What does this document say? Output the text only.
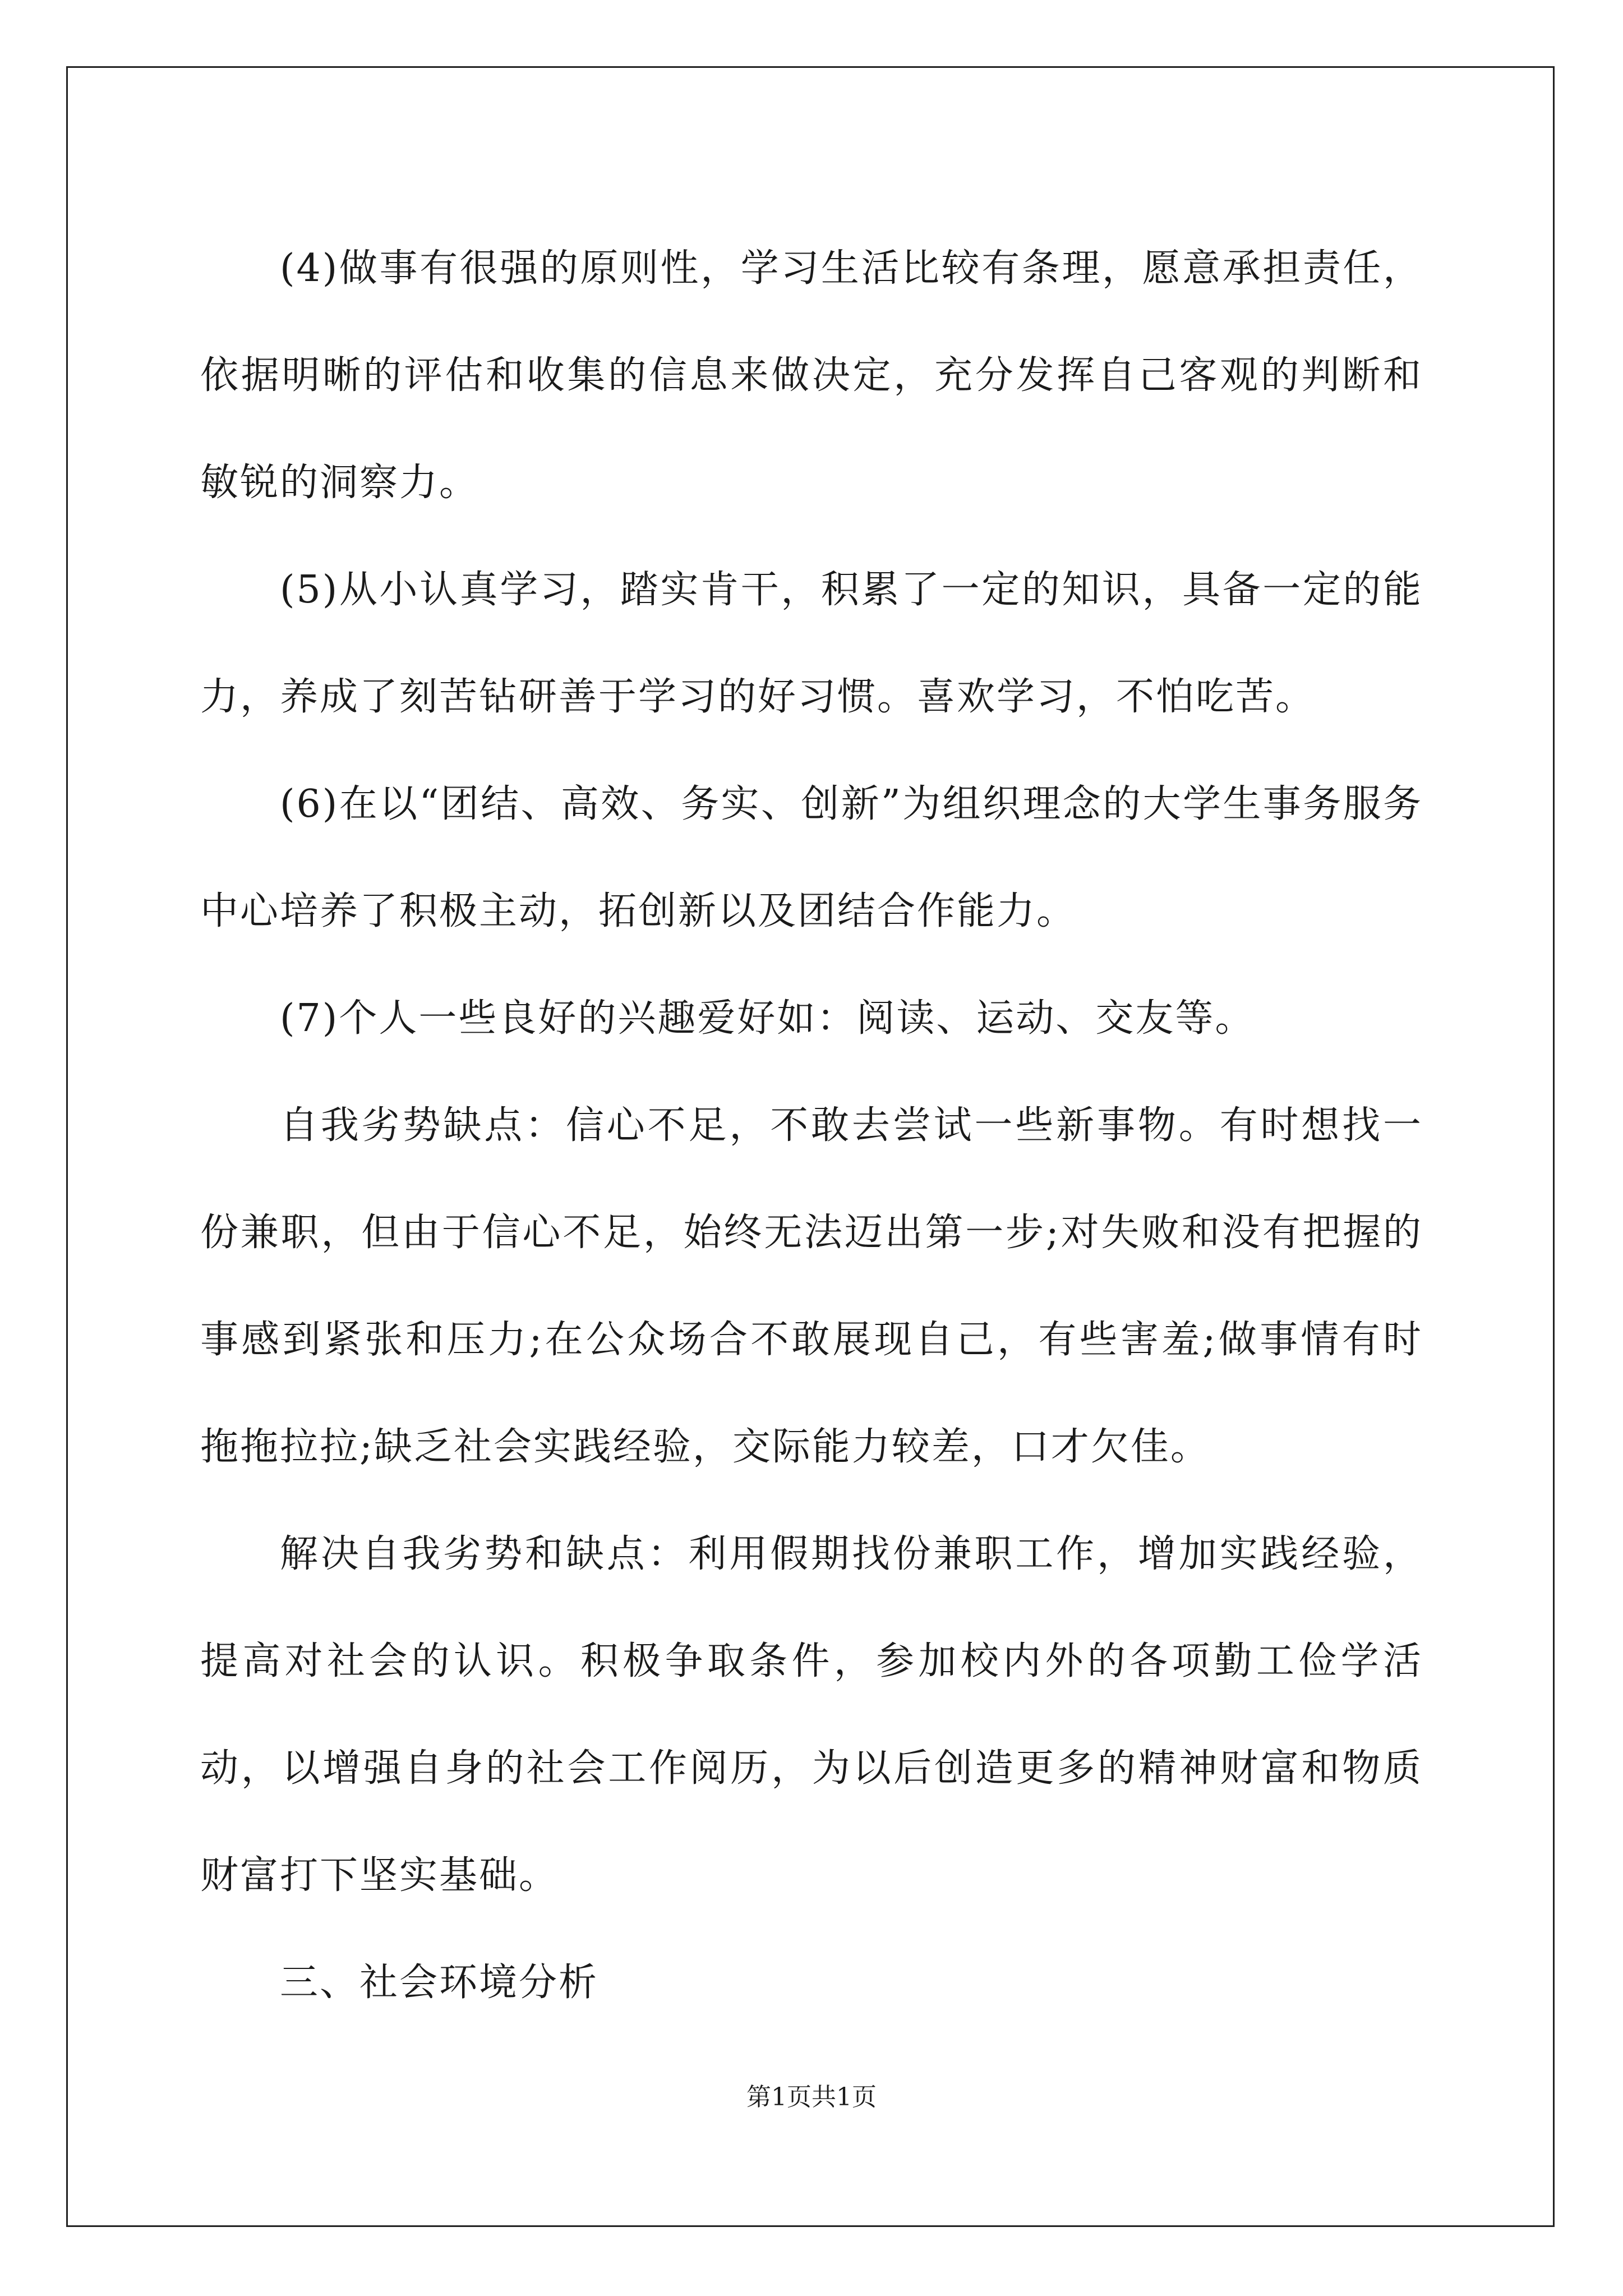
(4)做事有很强的原则性，学习生活比较有条理，愿意承担责任，依据明晰的评估和收集的信息来做决定，充分发挥自己客观的判断和敏锐的洞察力。

(5)从小认真学习，踏实肯干，积累了一定的知识，具备一定的能力，养成了刻苦钻研善于学习的好习惯。喜欢学习，不怕吃苦。

(6)在以“团结、高效、务实、创新”为组织理念的大学生事务服务中心培养了积极主动，拓创新以及团结合作能力。

(7)个人一些良好的兴趣爱好如：阅读、运动、交友等。

自我劣势缺点：信心不足，不敢去尝试一些新事物。有时想找一份兼职，但由于信心不足，始终无法迈出第一步;对失败和没有把握的事感到紧张和压力;在公众场合不敢展现自己，有些害羞;做事情有时拖拖拉拉;缺乏社会实践经验，交际能力较差，口才欠佳。

解决自我劣势和缺点：利用假期找份兼职工作，增加实践经验，提高对社会的认识。积极争取条件，参加校内外的各项勤工俭学活动，以增强自身的社会工作阅历，为以后创造更多的精神财富和物质财富打下坚实基础。

三、社会环境分析

第1页共1页
